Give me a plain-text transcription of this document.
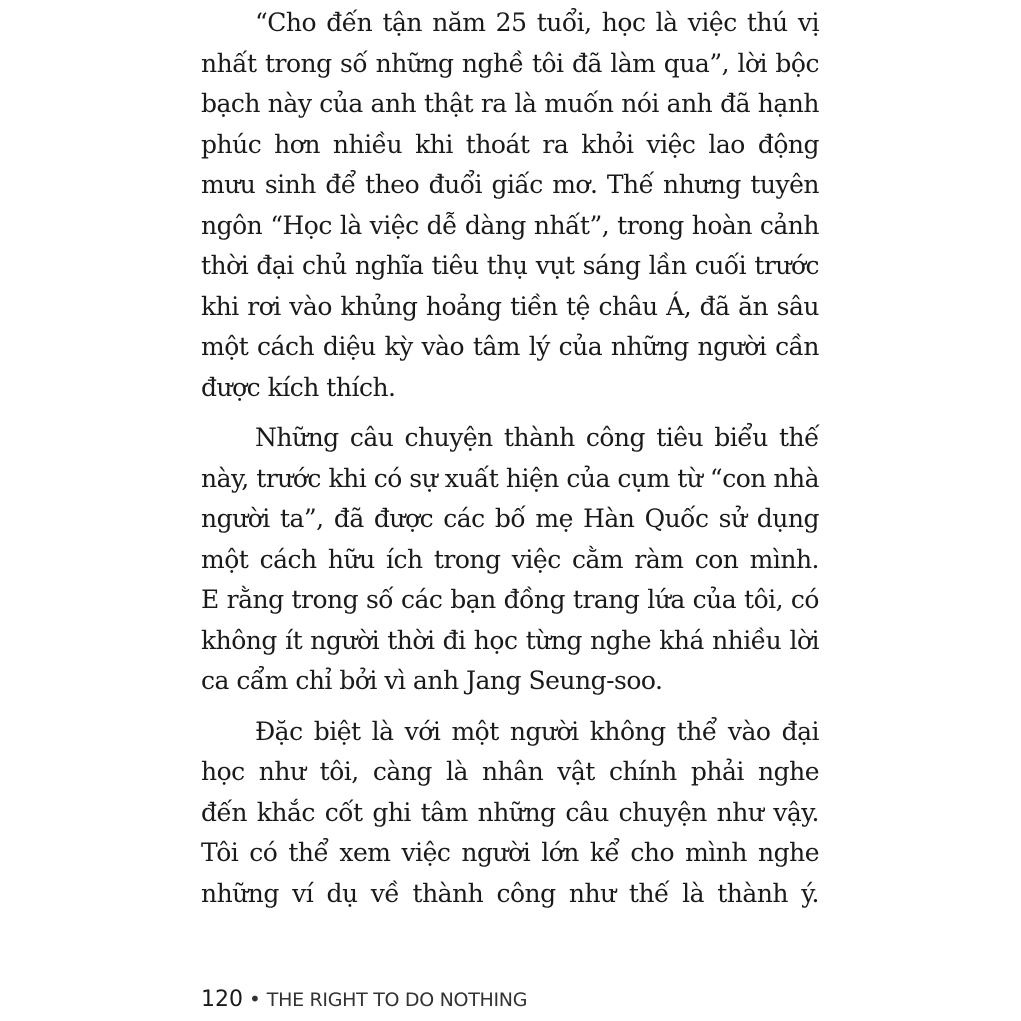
“Cho đến tận năm 25 tuổi, học là việc thú vị
nhất trong số những nghề tôi đã làm qua”, lời bộc
bạch này của anh thật ra là muốn nói anh đã hạnh
phúc hơn nhiều khi thoát ra khỏi việc lao động
mưu sinh để theo đuổi giấc mơ. Thế nhưng tuyên
ngôn “Học là việc dễ dàng nhất”, trong hoàn cảnh
thời đại chủ nghĩa tiêu thụ vụt sáng lần cuối trước
khi rơi vào khủng hoảng tiền tệ châu Á, đã ăn sâu
một cách diệu kỳ vào tâm lý của những người cần
được kích thích.

Những câu chuyện thành công tiêu biểu thế
này, trước khi có sự xuất hiện của cụm từ “con nhà
người ta”, đã được các bố mẹ Hàn Quốc sử dụng
một cách hữu ích trong việc cằm ràm con mình.
E rằng trong số các bạn đồng trang lứa của tôi, có
không ít người thời đi học từng nghe khá nhiều lời
ca cẩm chỉ bởi vì anh Jang Seung-soo.

Đặc biệt là với một người không thể vào đại
học như tôi, càng là nhân vật chính phải nghe
đến khắc cốt ghi tâm những câu chuyện như vậy.
Tôi có thể xem việc người lớn kể cho mình nghe
những ví dụ về thành công như thế là thành ý.

120 • THE RIGHT TO DO NOTHING
